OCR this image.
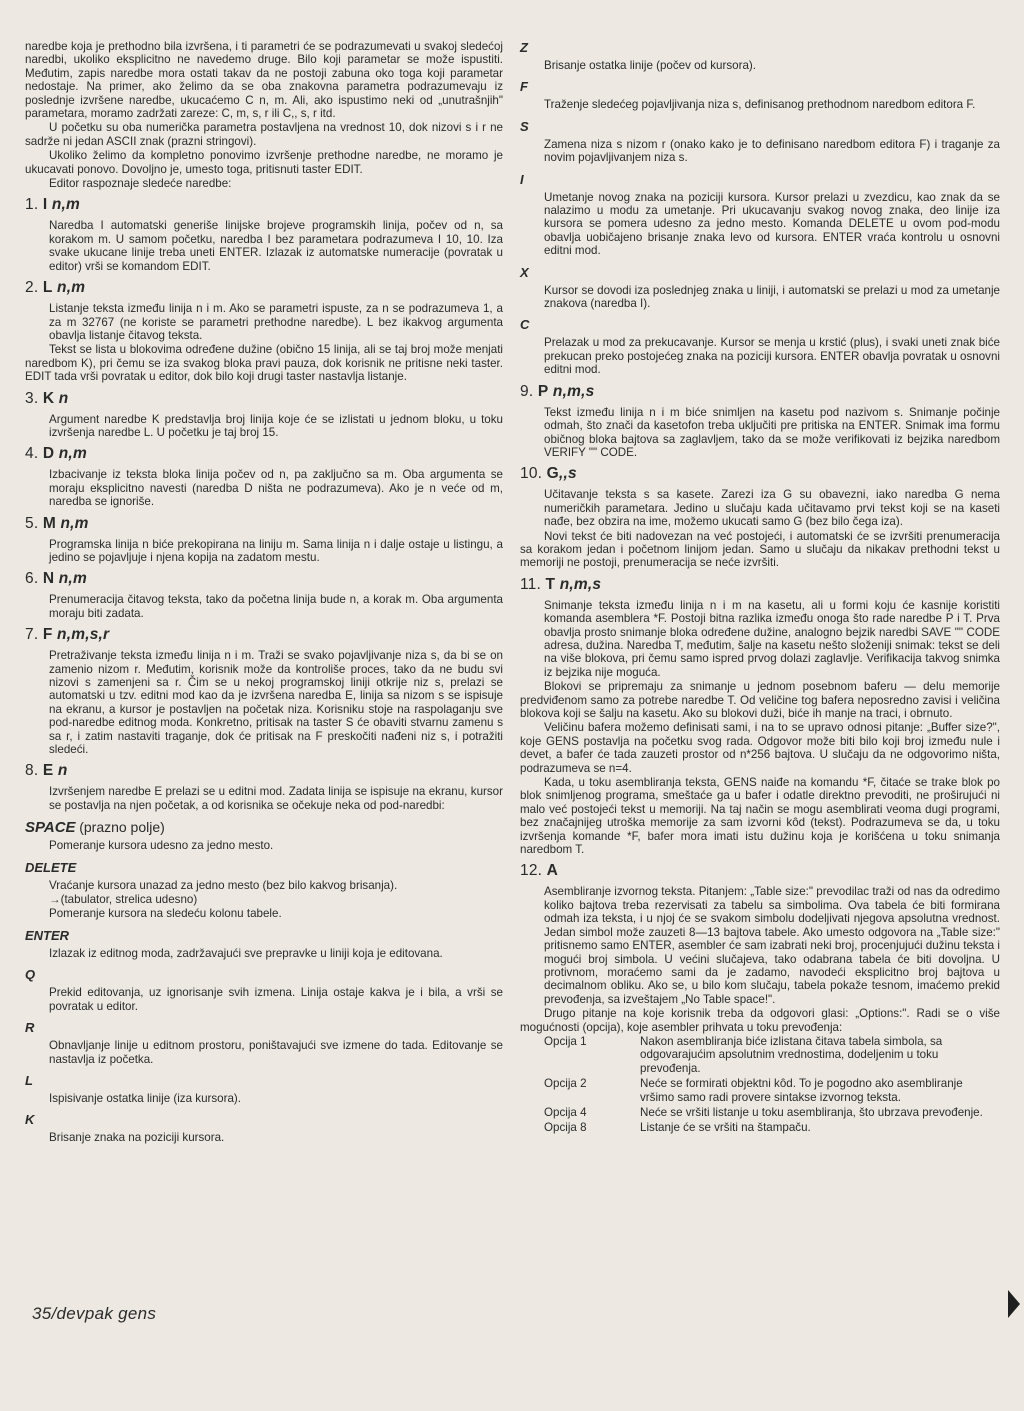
naredbe koja je prethodno bila izvršena, i ti parametri će se podrazumevati u svakoj sledećoj naredbi, ukoliko eksplicitno ne navedemo druge. Bilo koji parametar se može ispustiti. Međutim, zapis naredbe mora ostati takav da ne postoji zabuna oko toga koji parametar nedostaje. Na primer, ako želimo da se oba znakovna parametra podrazumevaju iz poslednje izvršene naredbe, ukucaćemo C n, m. Ali, ako ispustimo neki od „unutrašnjih" parametara, moramo zadržati zareze: C, m, s, r ili C,, s, r itd.

U početku su oba numerička parametra postavljena na vrednost 10, dok nizovi s i r ne sadrže ni jedan ASCII znak (prazni stringovi).

Ukoliko želimo da kompletno ponovimo izvršenje prethodne naredbe, ne moramo je ukucavati ponovo. Dovoljno je, umesto toga, pritisnuti taster EDIT.

Editor raspoznaje sledeće naredbe:

1. I n,m

Naredba I automatski generiše linijske brojeve programskih linija, počev od n, sa korakom m. U samom početku, naredba I bez parametara podrazumeva I 10, 10. Iza svake ukucane linije treba uneti ENTER. Izlazak iz automatske numeracije (povratak u editor) vrši se komandom EDIT.

2. L n,m

Listanje teksta između linija n i m. Ako se parametri ispuste, za n se podrazumeva 1, a za m 32767 (ne koriste se parametri prethodne naredbe). L bez ikakvog argumenta obavlja listanje čitavog teksta.

Tekst se lista u blokovima određene dužine (obično 15 linija, ali se taj broj može menjati naredbom K), pri čemu se iza svakog bloka pravi pauza, dok korisnik ne pritisne neki taster. EDIT tada vrši povratak u editor, dok bilo koji drugi taster nastavlja listanje.

3. K n

Argument naredbe K predstavlja broj linija koje će se izlistati u jednom bloku, u toku izvršenja naredbe L. U početku je taj broj 15.

4. D n,m

Izbacivanje iz teksta bloka linija počev od n, pa zaključno sa m. Oba argumenta se moraju eksplicitno navesti (naredba D ništa ne podrazumeva). Ako je n veće od m, naredba se ignoriše.

5. M n,m

Programska linija n biće prekopirana na liniju m. Sama linija n i dalje ostaje u listingu, a jedino se pojavljuje i njena kopija na zadatom mestu.

6. N n,m

Prenumeracija čitavog teksta, tako da početna linija bude n, a korak m. Oba argumenta moraju biti zadata.

7. F n,m,s,r

Pretraživanje teksta između linija n i m. Traži se svako pojavljivanje niza s, da bi se on zamenio nizom r. Međutim, korisnik može da kontroliše proces, tako da ne budu svi nizovi s zamenjeni sa r. Čim se u nekoj programskoj liniji otkrije niz s, prelazi se automatski u tzv. editni mod kao da je izvršena naredba E, linija sa nizom s se ispisuje na ekranu, a kursor je postavljen na početak niza. Korisniku stoje na raspolaganju sve pod-naredbe editnog moda. Konkretno, pritisak na taster S će obaviti stvarnu zamenu s sa r, i zatim nastaviti traganje, dok će pritisak na F preskočiti nađeni niz s, i potražiti sledeći.

8. E n

Izvršenjem naredbe E prelazi se u editni mod. Zadata linija se ispisuje na ekranu, kursor se postavlja na njen početak, a od korisnika se očekuje neka od pod-naredbi:

SPACE (prazno polje)

Pomeranje kursora udesno za jedno mesto.

DELETE

Vraćanje kursora unazad za jedno mesto (bez bilo kakvog brisanja).

→(tabulator, strelica udesno)

Pomeranje kursora na sledeću kolonu tabele.

ENTER

Izlazak iz editnog moda, zadržavajući sve prepravke u liniji koja je editovana.

Q

Prekid editovanja, uz ignorisanje svih izmena. Linija ostaje kakva je i bila, a vrši se povratak u editor.

R

Obnavljanje linije u editnom prostoru, poništavajući sve izmene do tada. Editovanje se nastavlja iz početka.

L

Ispisivanje ostatka linije (iza kursora).

K

Brisanje znaka na poziciji kursora.

Z

Brisanje ostatka linije (počev od kursora).

F

Traženje sledećeg pojavljivanja niza s, definisanog prethodnom naredbom editora F.

S

Zamena niza s nizom r (onako kako je to definisano naredbom editora F) i traganje za novim pojavljivanjem niza s.

I

Umetanje novog znaka na poziciji kursora. Kursor prelazi u zvezdicu, kao znak da se nalazimo u modu za umetanje. Pri ukucavanju svakog novog znaka, deo linije iza kursora se pomera udesno za jedno mesto. Komanda DELETE u ovom pod-modu obavlja uobičajeno brisanje znaka levo od kursora. ENTER vraća kontrolu u osnovni editni mod.

X

Kursor se dovodi iza poslednjeg znaka u liniji, i automatski se prelazi u mod za umetanje znakova (naredba I).

C

Prelazak u mod za prekucavanje. Kursor se menja u krstić (plus), i svaki uneti znak biće prekucan preko postojećeg znaka na poziciji kursora. ENTER obavlja povratak u osnovni editni mod.

9. P n,m,s

Tekst između linija n i m biće snimljen na kasetu pod nazivom s. Snimanje počinje odmah, što znači da kasetofon treba uključiti pre pritiska na ENTER. Snimak ima formu običnog bloka bajtova sa zaglavljem, tako da se može verifikovati iz bejzika naredbom VERIFY "" CODE.

10. G,,s

Učitavanje teksta s sa kasete. Zarezi iza G su obavezni, iako naredba G nema numeričkih parametara. Jedino u slučaju kada učitavamo prvi tekst koji se na kaseti nađe, bez obzira na ime, možemo ukucati samo G (bez bilo čega iza).

Novi tekst će biti nadovezan na već postojeći, i automatski će se izvršiti prenumeracija sa korakom jedan i početnom linijom jedan. Samo u slučaju da nikakav prethodni tekst u memoriji ne postoji, prenumeracija se neće izvršiti.

11. T n,m,s

Snimanje teksta između linija n i m na kasetu, ali u formi koju će kasnije koristiti komanda asemblera *F. Postoji bitna razlika između onoga što rade naredbe P i T. Prva obavlja prosto snimanje bloka određene dužine, analogno bejzik naredbi SAVE "" CODE adresa, dužina. Naredba T, međutim, šalje na kasetu nešto složeniji snimak: tekst se deli na više blokova, pri čemu samo ispred prvog dolazi zaglavlje. Verifikacija takvog snimka iz bejzika nije moguća.

Blokovi se pripremaju za snimanje u jednom posebnom baferu — delu memorije predviđenom samo za potrebe naredbe T. Od veličine tog bafera neposredno zavisi i veličina blokova koji se šalju na kasetu. Ako su blokovi duži, biće ih manje na traci, i obrnuto.

Veličinu bafera možemo definisati sami, i na to se upravo odnosi pitanje: „Buffer size?", koje GENS postavlja na početku svog rada. Odgovor može biti bilo koji broj između nule i devet, a bafer će tada zauzeti prostor od n*256 bajtova. U slučaju da ne odgovorimo ništa, podrazumeva se n=4.

Kada, u toku asembliranja teksta, GENS naiđe na komandu *F, čitaće se trake blok po blok snimljenog programa, smeštaće ga u bafer i odatle direktno prevoditi, ne proširujući ni malo već postojeći tekst u memoriji. Na taj način se mogu asemblirati veoma dugi programi, bez značajnijeg utroška memorije za sam izvorni kôd (tekst). Podrazumeva se da, u toku izvršenja komande *F, bafer mora imati istu dužinu koja je korišćena u toku snimanja naredbom T.

12. A

Asembliranje izvornog teksta. Pitanjem: „Table size:" prevodilac traži od nas da odredimo koliko bajtova treba rezervisati za tabelu sa simbolima. Ova tabela će biti formirana odmah iza teksta, i u njoj će se svakom simbolu dodeljivati njegova apsolutna vrednost. Jedan simbol može zauzeti 8—13 bajtova tabele. Ako umesto odgovora na „Table size:" pritisnemo samo ENTER, asembler će sam izabrati neki broj, procenjujući dužinu teksta i mogući broj simbola. U većini slučajeva, tako odabrana tabela će biti dovoljna. U protivnom, moraćemo sami da je zadamo, navodeći eksplicitno broj bajtova u decimalnom obliku. Ako se, u bilo kom slučaju, tabela pokaže tesnom, imaćemo prekid prevođenja, sa izveštajem „No Table space!".

Drugo pitanje na koje korisnik treba da odgovori glasi: „Options:". Radi se o više mogućnosti (opcija), koje asembler prihvata u toku prevođenja:

Opcija 1	Nakon asembliranja biće izlistana čitava tabela simbola, sa odgovarajućim apsolutnim vrednostima, dodeljenim u toku prevođenja.
Opcija 2	Neće se formirati objektni kôd. To je pogodno ako asembliranje vršimo samo radi provere sintakse izvornog teksta.
Opcija 4	Neće se vršiti listanje u toku asembliranja, što ubrzava prevođenje.
Opcija 8	Listanje će se vršiti na štampaču.
35/devpak gens
